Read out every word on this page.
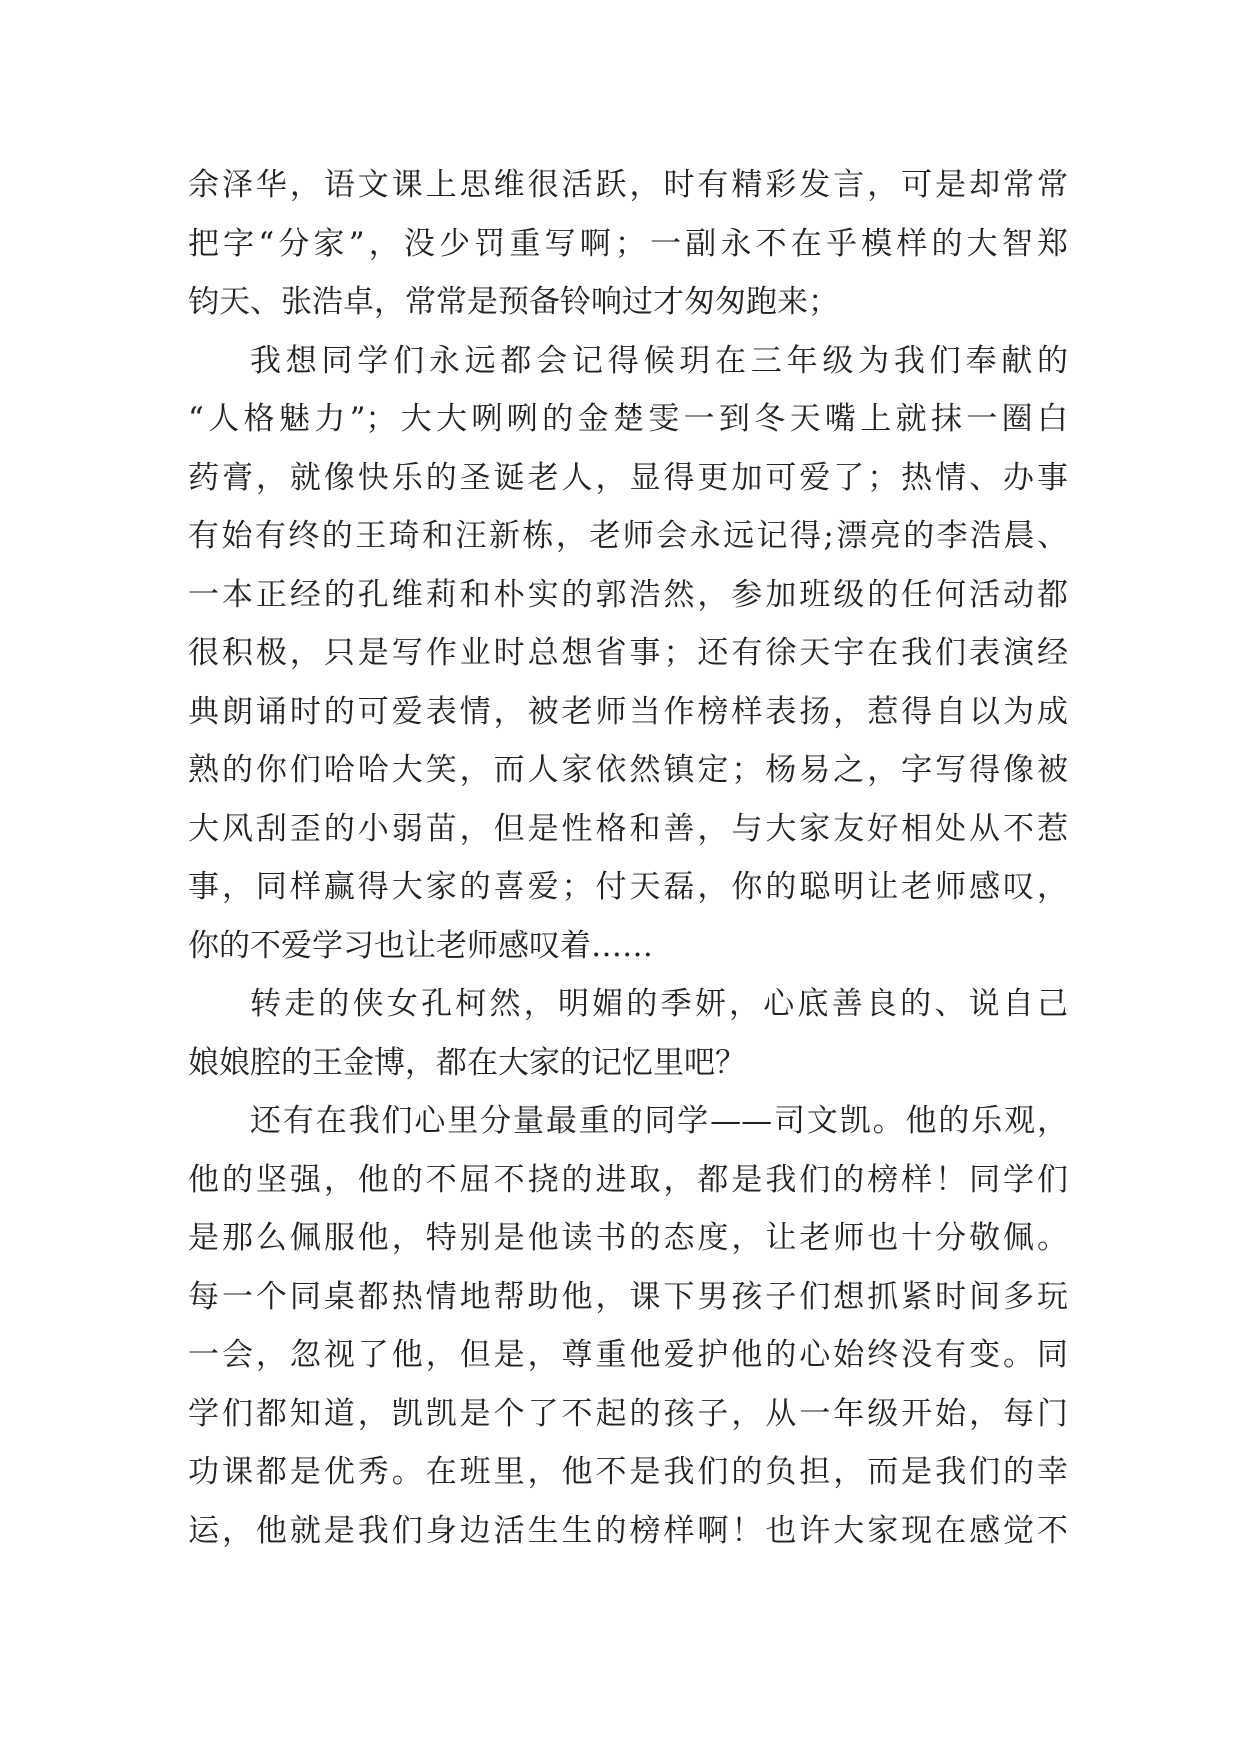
余泽华，语文课上思维很活跃，时有精彩发言，可是却常常
把字“分家”，没少罚重写啊；一副永不在乎模样的大智郑
钧天、张浩卓，常常是预备铃响过才匆匆跑来；
我想同学们永远都会记得候玥在三年级为我们奉献的
“人格魅力”；大大咧咧的金楚雯一到冬天嘴上就抹一圈白
药膏，就像快乐的圣诞老人，显得更加可爱了；热情、办事
有始有终的王琦和汪新栋，老师会永远记得;漂亮的李浩晨、
一本正经的孔维莉和朴实的郭浩然，参加班级的任何活动都
很积极，只是写作业时总想省事；还有徐天宇在我们表演经
典朗诵时的可爱表情，被老师当作榜样表扬，惹得自以为成
熟的你们哈哈大笑，而人家依然镇定；杨易之，字写得像被
大风刮歪的小弱苗，但是性格和善，与大家友好相处从不惹
事，同样赢得大家的喜爱；付天磊，你的聪明让老师感叹，
你的不爱学习也让老师感叹着……
转走的侠女孔柯然，明媚的季妍，心底善良的、说自己
娘娘腔的王金博，都在大家的记忆里吧？
还有在我们心里分量最重的同学——司文凯。他的乐观，
他的坚强，他的不屈不挠的进取，都是我们的榜样！同学们
是那么佩服他，特别是他读书的态度，让老师也十分敬佩。
每一个同桌都热情地帮助他，课下男孩子们想抓紧时间多玩
一会，忽视了他，但是，尊重他爱护他的心始终没有变。同
学们都知道，凯凯是个了不起的孩子，从一年级开始，每门
功课都是优秀。在班里，他不是我们的负担，而是我们的幸
运，他就是我们身边活生生的榜样啊！也许大家现在感觉不
